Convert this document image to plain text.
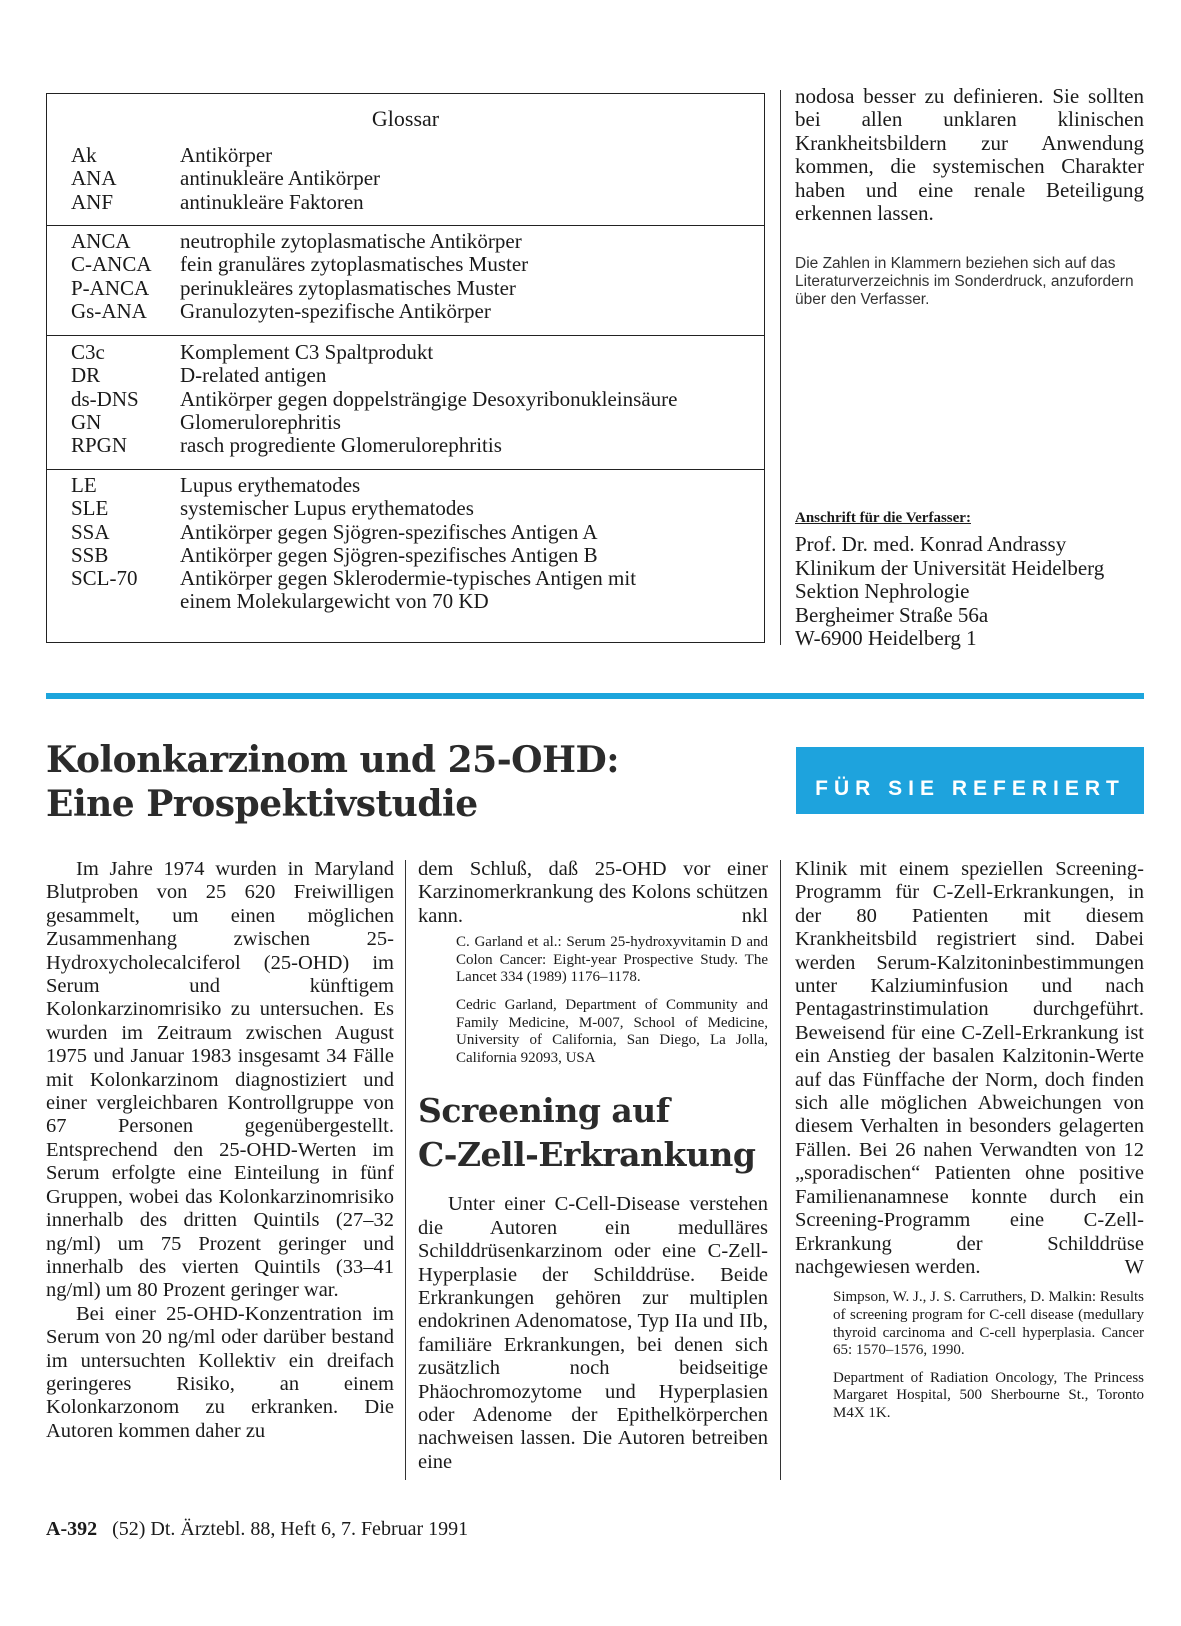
Glossar
Ak	Antikörper
ANA	antinukleäre Antikörper
ANF	antinukleäre Faktoren
ANCA neutrophile zytoplasmatische Antikörper
C-ANCA fein granuläres zytoplasmatisches Muster
P-ANCA perinukleäres zytoplasmatisches Muster
Gs-ANA Granulozyten-spezifische Antikörper
C3c	Komplement C3 Spaltprodukt
DR	D-related antigen
ds-DNS Antikörper gegen doppelsträngige Desoxyribonukleinsäure
GN	Glomerulorephritis
RPGN	rasch progrediente Glomerulorephritis
LE	Lupus erythematodes
SLE	systemischer Lupus erythematodes
SSA	Antikörper gegen Sjögren-spezifisches Antigen A
SSB	Antikörper gegen Sjögren-spezifisches Antigen B
SCL-70 Antikörper gegen Sklerodermie-typisches Antigen mit
einem Molekulargewicht von 70 KD
nodosa besser zu definieren. Sie sollten bei allen unklaren klinischen Krankheitsbildern zur Anwendung kommen, die systemischen Charakter haben und eine renale Beteiligung erkennen lassen.
Die Zahlen in Klammern beziehen sich auf das Literaturverzeichnis im Sonderdruck, anzufordern über den Verfasser.
Anschrift für die Verfasser:
Prof. Dr. med. Konrad Andrassy
Klinikum der Universität Heidelberg
Sektion Nephrologie
Bergheimer Straße 56a
W-6900 Heidelberg 1
Kolonkarzinom und 25-OHD:
Eine Prospektivstudie	FÜR SIE REFERIERT

Im Jahre 1974 wurden in Maryland Blutproben von 25 620 Freiwilligen gesammelt, um einen möglichen Zusammenhang zwischen 25-Hydroxycholecalciferol (25-OHD) im Serum und künftigem Kolonkarzinomrisiko zu untersuchen. Es wurden im Zeitraum zwischen August 1975 und Januar 1983 insgesamt 34 Fälle mit Kolonkarzinom diagnostiziert und einer vergleichbaren Kontrollgruppe von 67 Personen gegenübergestellt. Entsprechend den 25-OHD-Werten im Serum erfolgte eine Einteilung in fünf Gruppen, wobei das Kolonkarzinomrisiko innerhalb des dritten Quintils (27–32 ng/ml) um 75 Prozent geringer und innerhalb des vierten Quintils (33–41 ng/ml) um 80 Prozent geringer war.

Bei einer 25-OHD-Konzentration im Serum von 20 ng/ml oder darüber bestand im untersuchten Kollektiv ein dreifach geringeres Risiko, an einem Kolonkarzonom zu erkranken. Die Autoren kommen daher zu

dem Schluß, daß 25-OHD vor einer Karzinomerkrankung des Kolons schützen kann.	nkl

C. Garland et al.: Serum 25-hydroxyvitamin D and Colon Cancer: Eight-year Prospective Study. The Lancet 334 (1989) 1176–1178.

Cedric Garland, Department of Community and Family Medicine, M-007, School of Medicine, University of California, San Diego, La Jolla, California 92093, USA

Screening auf
C-Zell-Erkrankung

Unter einer C-Cell-Disease verstehen die Autoren ein medulläres Schilddrüsenkarzinom oder eine C-Zell-Hyperplasie der Schilddrüse. Beide Erkrankungen gehören zur multiplen endokrinen Adenomatose, Typ IIa und IIb, familiäre Erkrankungen, bei denen sich zusätzlich noch beidseitige Phäochromozytome und Hyperplasien oder Adenome der Epithelkörperchen nachweisen lassen. Die Autoren betreiben eine

Klinik mit einem speziellen Screening-Programm für C-Zell-Erkrankungen, in der 80 Patienten mit diesem Krankheitsbild registriert sind. Dabei werden Serum-Kalzitoninbestimmungen unter Kalziuminfusion und nach Pentagastrinstimulation durchgeführt. Beweisend für eine C-Zell-Erkrankung ist ein Anstieg der basalen Kalzitonin-Werte auf das Fünffache der Norm, doch finden sich alle möglichen Abweichungen von diesem Verhalten in besonders gelagerten Fällen. Bei 26 nahen Verwandten von 12 „sporadischen“ Patienten ohne positive Familienanamnese konnte durch ein Screening-Programm eine C-Zell-Erkrankung der Schilddrüse nachgewiesen werden.	W

Simpson, W. J., J. S. Carruthers, D. Malkin: Results of screening program for C-cell disease (medullary thyroid carcinoma and C-cell hyperplasia. Cancer 65: 1570–1576, 1990.

Department of Radiation Oncology, The Princess Margaret Hospital, 500 Sherbourne St., Toronto M4X 1K.

A-392 (52) Dt. Ärztebl. 88, Heft 6, 7. Februar 1991
